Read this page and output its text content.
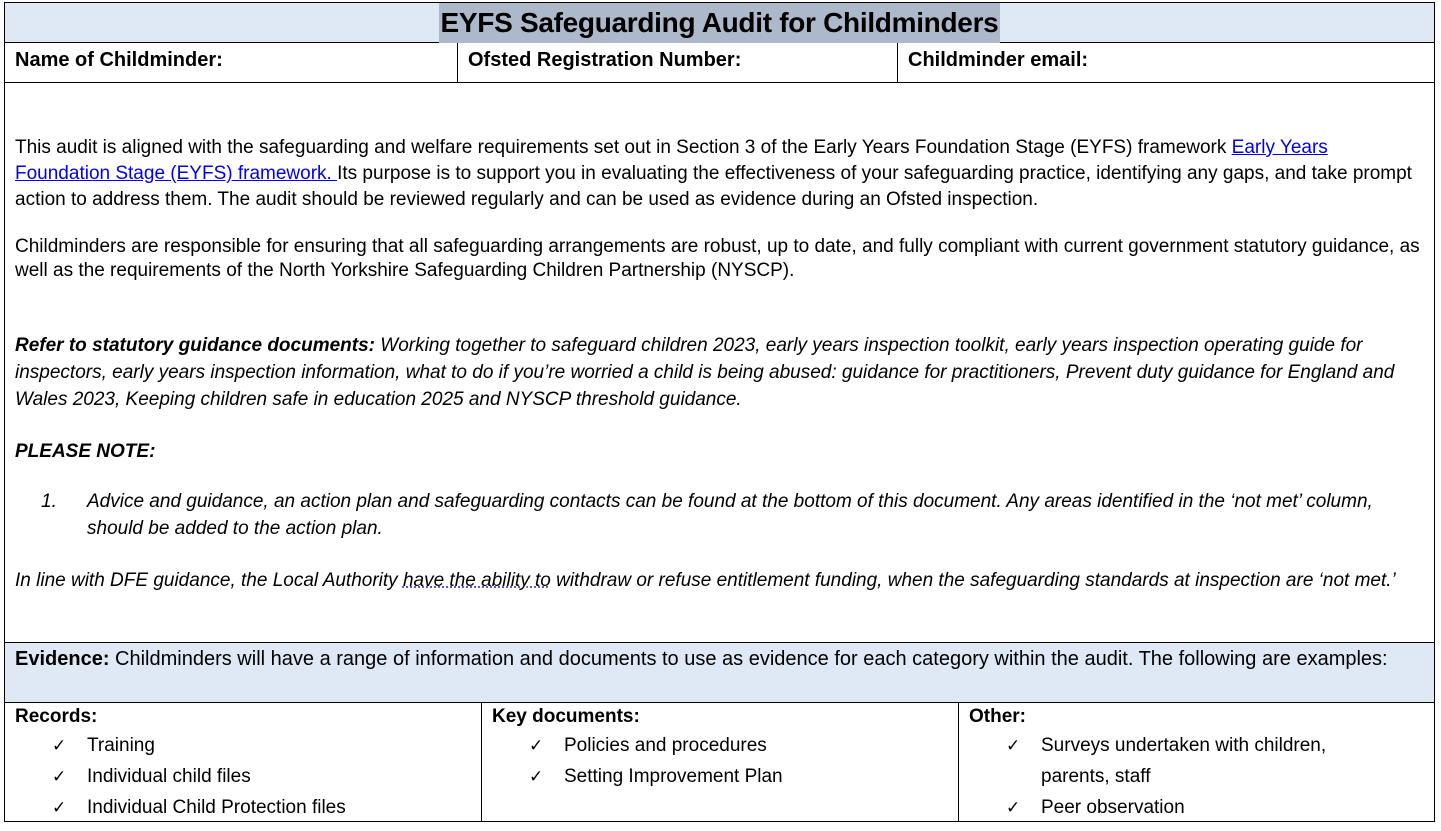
EYFS Safeguarding Audit for Childminders
Name of Childminder:	Ofsted Registration Number:	Childminder email:
This audit is aligned with the safeguarding and welfare requirements set out in Section 3 of the Early Years Foundation Stage (EYFS) framework Early Years Foundation Stage (EYFS) framework. Its purpose is to support you in evaluating the effectiveness of your safeguarding practice, identifying any gaps, and take prompt action to address them. The audit should be reviewed regularly and can be used as evidence during an Ofsted inspection.
Childminders are responsible for ensuring that all safeguarding arrangements are robust, up to date, and fully compliant with current government statutory guidance, as well as the requirements of the North Yorkshire Safeguarding Children Partnership (NYSCP).
Refer to statutory guidance documents: Working together to safeguard children 2023, early years inspection toolkit, early years inspection operating guide for inspectors, early years inspection information, what to do if you’re worried a child is being abused: guidance for practitioners, Prevent duty guidance for England and Wales 2023, Keeping children safe in education 2025 and NYSCP threshold guidance.
PLEASE NOTE:
1. Advice and guidance, an action plan and safeguarding contacts can be found at the bottom of this document. Any areas identified in the ‘not met’ column, should be added to the action plan.
In line with DFE guidance, the Local Authority have the ability to withdraw or refuse entitlement funding, when the safeguarding standards at inspection are ‘not met.’
Evidence: Childminders will have a range of information and documents to use as evidence for each category within the audit. The following are examples:
Records:
✓ Training
✓ Individual child files
✓ Individual Child Protection files
Key documents:
✓ Policies and procedures
✓ Setting Improvement Plan
Other:
✓ Surveys undertaken with children, parents, staff
✓ Peer observation
